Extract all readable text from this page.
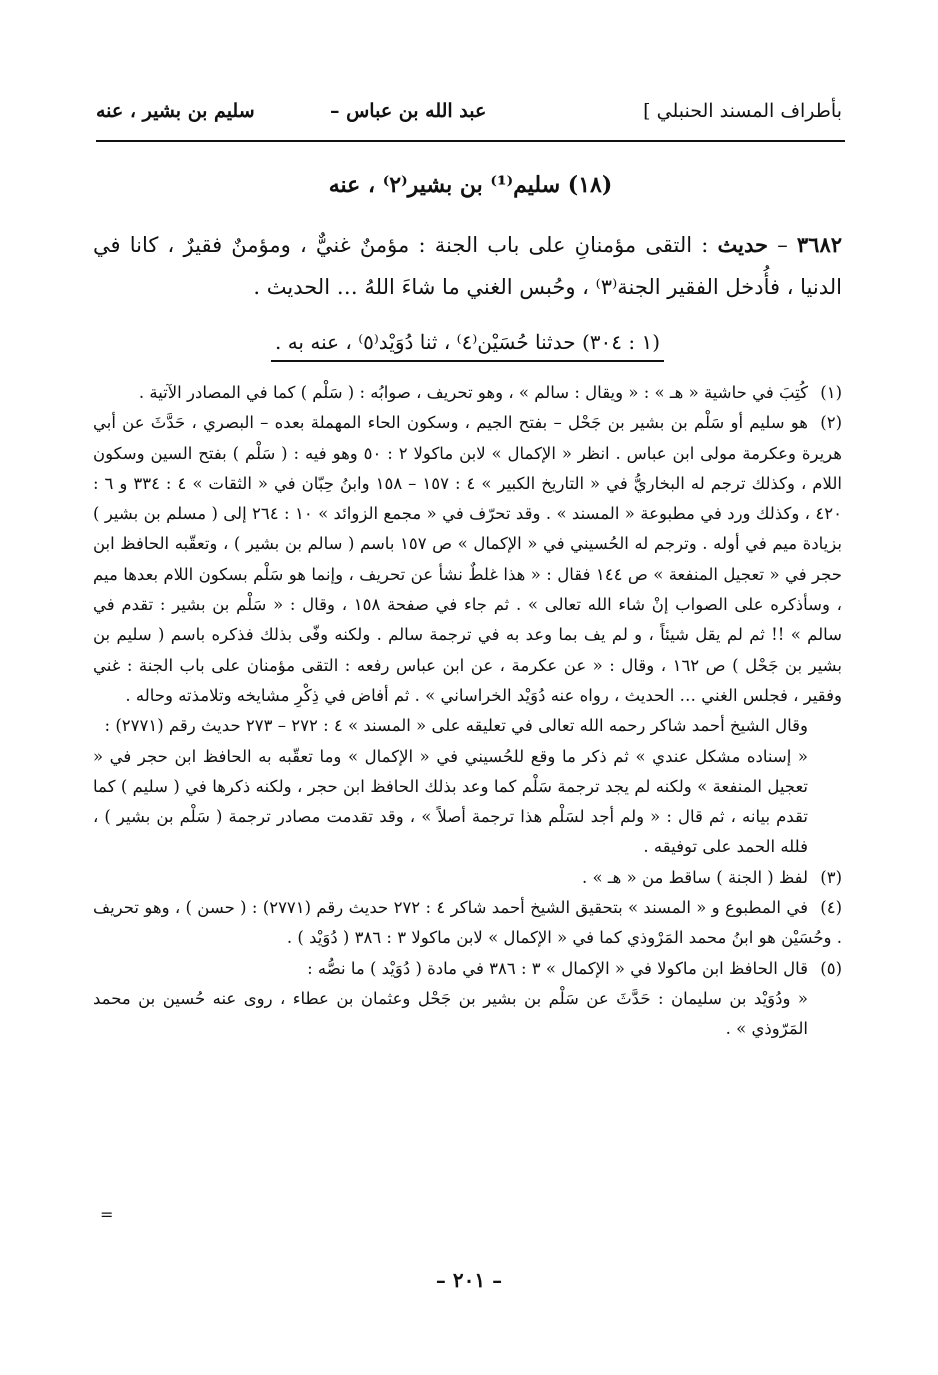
بأطراف المسند الحنبلي ]
عبد الله بن عباس –
سليم بن بشير ، عنه
(١٨) سليم⁽¹⁾ بن بشير⁽٢⁾ ، عنه
٣٦٨٢ – حديث : التقى مؤمنانِ على باب الجنة : مؤمنٌ غنيٌّ ، ومؤمنٌ فقيرٌ ، كانا في الدنيا ، فأُدخل الفقير الجنة⁽٣⁾ ، وحُبس الغني ما شاءَ اللهُ … الحديث .
(١ : ٣٠٤) حدثنا حُسَيْن⁽٤⁾ ، ثنا دُوَيْد⁽٥⁾ ، عنه به .

(١)كُتِبَ في حاشية « هـ » : « ويقال : سالم » ، وهو تحريف ، صوابُه : ( سَلْم ) كما في المصادر الآتية .

(٢)هو سليم أو سَلْم بن بشير بن جَحْل – بفتح الجيم ، وسكون الحاء المهملة بعده – البصري ، حَدَّثَ عن أبي هريرة وعكرمة مولى ابن عباس . انظر « الإكمال » لابن ماكولا ٢ : ٥٠ وهو فيه : ( سَلْم ) بفتح السين وسكون اللام ، وكذلك ترجم له البخاريُّ في « التاريخ الكبير » ٤ : ١٥٧ – ١٥٨ وابنُ حِبّان في « الثقات » ٤ : ٣٣٤ و ٦ : ٤٢٠ ، وكذلك ورد في مطبوعة « المسند » . وقد تحرّف في « مجمع الزوائد » ١٠ : ٢٦٤ إلى ( مسلم بن بشير ) بزيادة ميم في أوله . وترجم له الحُسيني في « الإكمال » ص ١٥٧ باسم ( سالم بن بشير ) ، وتعقّبه الحافظ ابن حجر في « تعجيل المنفعة » ص ١٤٤ فقال : « هذا غلطٌ نشأ عن تحريف ، وإنما هو سَلْم بسكون اللام بعدها ميم ، وسأذكره على الصواب إنْ شاء الله تعالى » . ثم جاء في صفحة ١٥٨ ، وقال : « سَلْم بن بشير : تقدم في سالم » !! ثم لم يقل شيئاً ، و لم يف بما وعد به في ترجمة سالم . ولكنه وفّى بذلك فذكره باسم ( سليم بن بشير بن جَحْل ) ص ١٦٢ ، وقال : « عن عكرمة ، عن ابن عباس رفعه : التقى مؤمنان على باب الجنة : غني وفقير ، فجلس الغني … الحديث ، رواه عنه دُوَيْد الخراساني » . ثم أفاض في ذِكْرِ مشايخه وتلامذته وحاله .

وقال الشيخ أحمد شاكر رحمه الله تعالى في تعليقه على « المسند » ٤ : ٢٧٢ – ٢٧٣ حديث رقم (٢٧٧١) :

« إسناده مشكل عندي » ثم ذكر ما وقع للحُسيني في « الإكمال » وما تعقّبه به الحافظ ابن حجر في « تعجيل المنفعة » ولكنه لم يجد ترجمة سَلْم كما وعد بذلك الحافظ ابن حجر ، ولكنه ذكرها في ( سليم ) كما تقدم بيانه ، ثم قال : « ولم أجد لسَلْم هذا ترجمة أصلاً » ، وقد تقدمت مصادر ترجمة ( سَلْم بن بشير ) ، فلله الحمد على توفيقه .

(٣)لفظ ( الجنة ) ساقط من « هـ » .

(٤)في المطبوع و « المسند » بتحقيق الشيخ أحمد شاكر ٤ : ٢٧٢ حديث رقم (٢٧٧١) : ( حسن ) ، وهو تحريف . وحُسَيْن هو ابنُ محمد المَرْوذي كما في « الإكمال » لابن ماكولا ٣ : ٣٨٦ ( دُوَيْد ) .

(٥)قال الحافظ ابن ماكولا في « الإكمال » ٣ : ٣٨٦ في مادة ( دُوَيْد ) ما نصُّه :

« ودُوَيْد بن سليمان : حَدَّثَ عن سَلْم بن بشير بن جَحْل وعثمان بن عطاء ، روى عنه حُسين بن محمد المَرّوذي » .

=
– ٢٠١ –
